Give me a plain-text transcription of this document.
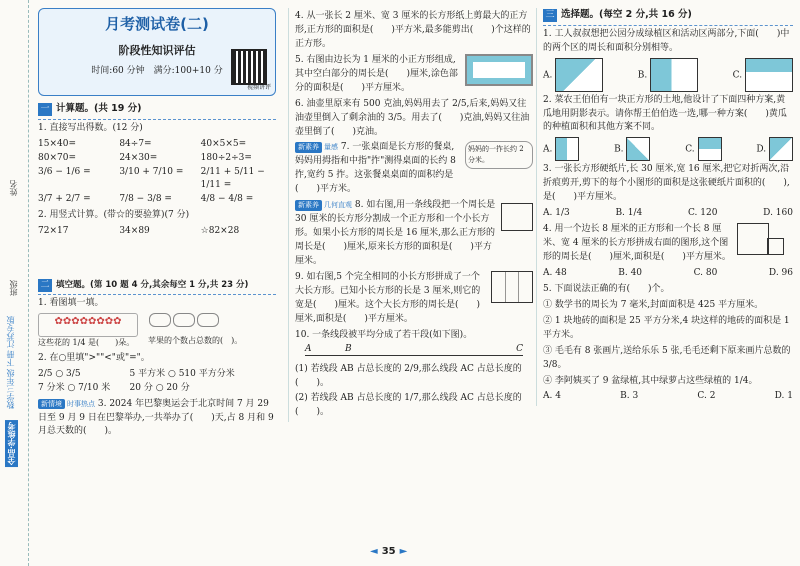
姓名
班级
数学三年级 下册 江苏专版
全品·学练考
月考测试卷(二)
阶段性知识评估
时间:60 分钟　满分:100+10 分
视频讲评
一 计算题。(共 19 分)
1. 直接写出得数。(12 分)
15×40=	84÷7=	40×5×5=
80×70=	24×30=	180÷2÷3=
3/6 − 1/6 =	3/10 + 7/10 =	2/11 + 5/11 − 1/11 =
3/7 + 2/7 =	7/8 − 3/8 =	4/8 − 4/8 =
2. 用竖式计算。(带☆的要验算)(7 分)
72×17	34×89	☆82×28
二 填空题。(第 10 题 4 分,其余每空 1 分,共 23 分)
1. 看图填一填。
✿✿✿✿✿✿✿✿
这些花的 1/4 是(　　)朵。	苹果的个数占总数的(　)。
2. 在○里填">""<"或"="。
2/5 ○ 3/5	5 平方米 ○ 510 平方分米
7 分米 ○ 7/10 米	20 分 ○ 20 分
新情境 时事热点 3. 2024 年巴黎奥运会于北京时间 7 月 29 日至 9 月 9 日在巴黎举办,一共举办了(　　)天,占 8 月和 9 月总天数的(　　)。
4. 从一张长 2 厘米、宽 3 厘米的长方形纸上剪最大的正方形,正方形的面积是(　　)平方米,最多能剪出(　　)个这样的正方形。
5. 右图由边长为 1 厘米的小正方形组成,其中空白部分的周长是(　　)厘米,涂色部分的面积是(　　)平方厘米。
6. 油壶里原来有 500 克油,妈妈用去了 2/5,后来,妈妈又往油壶里倒入了剩余油的 3/5。用去了(　　)克油,妈妈又往油壶里倒了(　　)克油。
新素养 量感 7. 一张桌面是长方形的餐桌,妈妈用拇指和中指"拃"测得桌面的长约 8 拃,宽约 5 拃。这张餐桌桌面的面积约是(　　)平方米。
妈妈的一拃长约 2 分米。
新素养 几何直观 8. 如右图,用一条线段把一个周长是 30 厘米的长方形分割成一个正方形和一个小长方形。如果小长方形的周长是 16 厘米,那么正方形的周长是(　　)厘米,原来长方形的面积是(　　)平方厘米。
9. 如右图,5 个完全相同的小长方形拼成了一个大长方形。已知小长方形的长是 3 厘米,则它的宽是(　　)厘米。这个大长方形的周长是(　　)厘米,面积是(　　)平方厘米。
10. 一条线段被平均分成了若干段(如下图)。
A	B	C
(1) 若线段 AB 占总长度的 2/9,那么线段 AC 占总长度的(　　)。
(2) 若线段 AB 占总长度的 1/7,那么线段 AC 占总长度的(　　)。
三 选择题。(每空 2 分,共 16 分)
1. 工人叔叔想把公园分成绿植区和活动区两部分,下面(　　)中的两个区的周长和面积分别相等。
A.	B.	C.
2. 菜农王伯伯有一块正方形的土地,他设计了下面四种方案,黄瓜地用阴影表示。请你帮王伯伯选一选,哪一种方案(　　)黄瓜的种植面积和其他方案不同。
A.	B.	C.	D.
3. 一张长方形硬纸片,长 30 厘米,宽 16 厘米,把它对折两次,沿折痕剪开,剪下的每个小图形的面积是这张硬纸片面积的(　　),是(　　)平方厘米。
A. 1/3	B. 1/4	C. 120	D. 160
4. 用一个边长 8 厘米的正方形和一个长 8 厘米、宽 4 厘米的长方形拼成右面的图形,这个图形的周长是(　　)厘米,面积是(　　)平方厘米。
A. 48	B. 40	C. 80	D. 96
5. 下面说法正确的有(　　)个。
① 数学书的周长为 7 毫米,封面面积是 425 平方厘米。
② 1 块地砖的面积是 25 平方分米,4 块这样的地砖的面积是 1 平方米。
③ 毛毛有 8 张画片,送给乐乐 5 张,毛毛还剩下原来画片总数的 3/8。
④ 李阿姨买了 9 盆绿植,其中绿萝占这些绿植的 1/4。
A. 4	B. 3	C. 2	D. 1
◄ 35 ►
